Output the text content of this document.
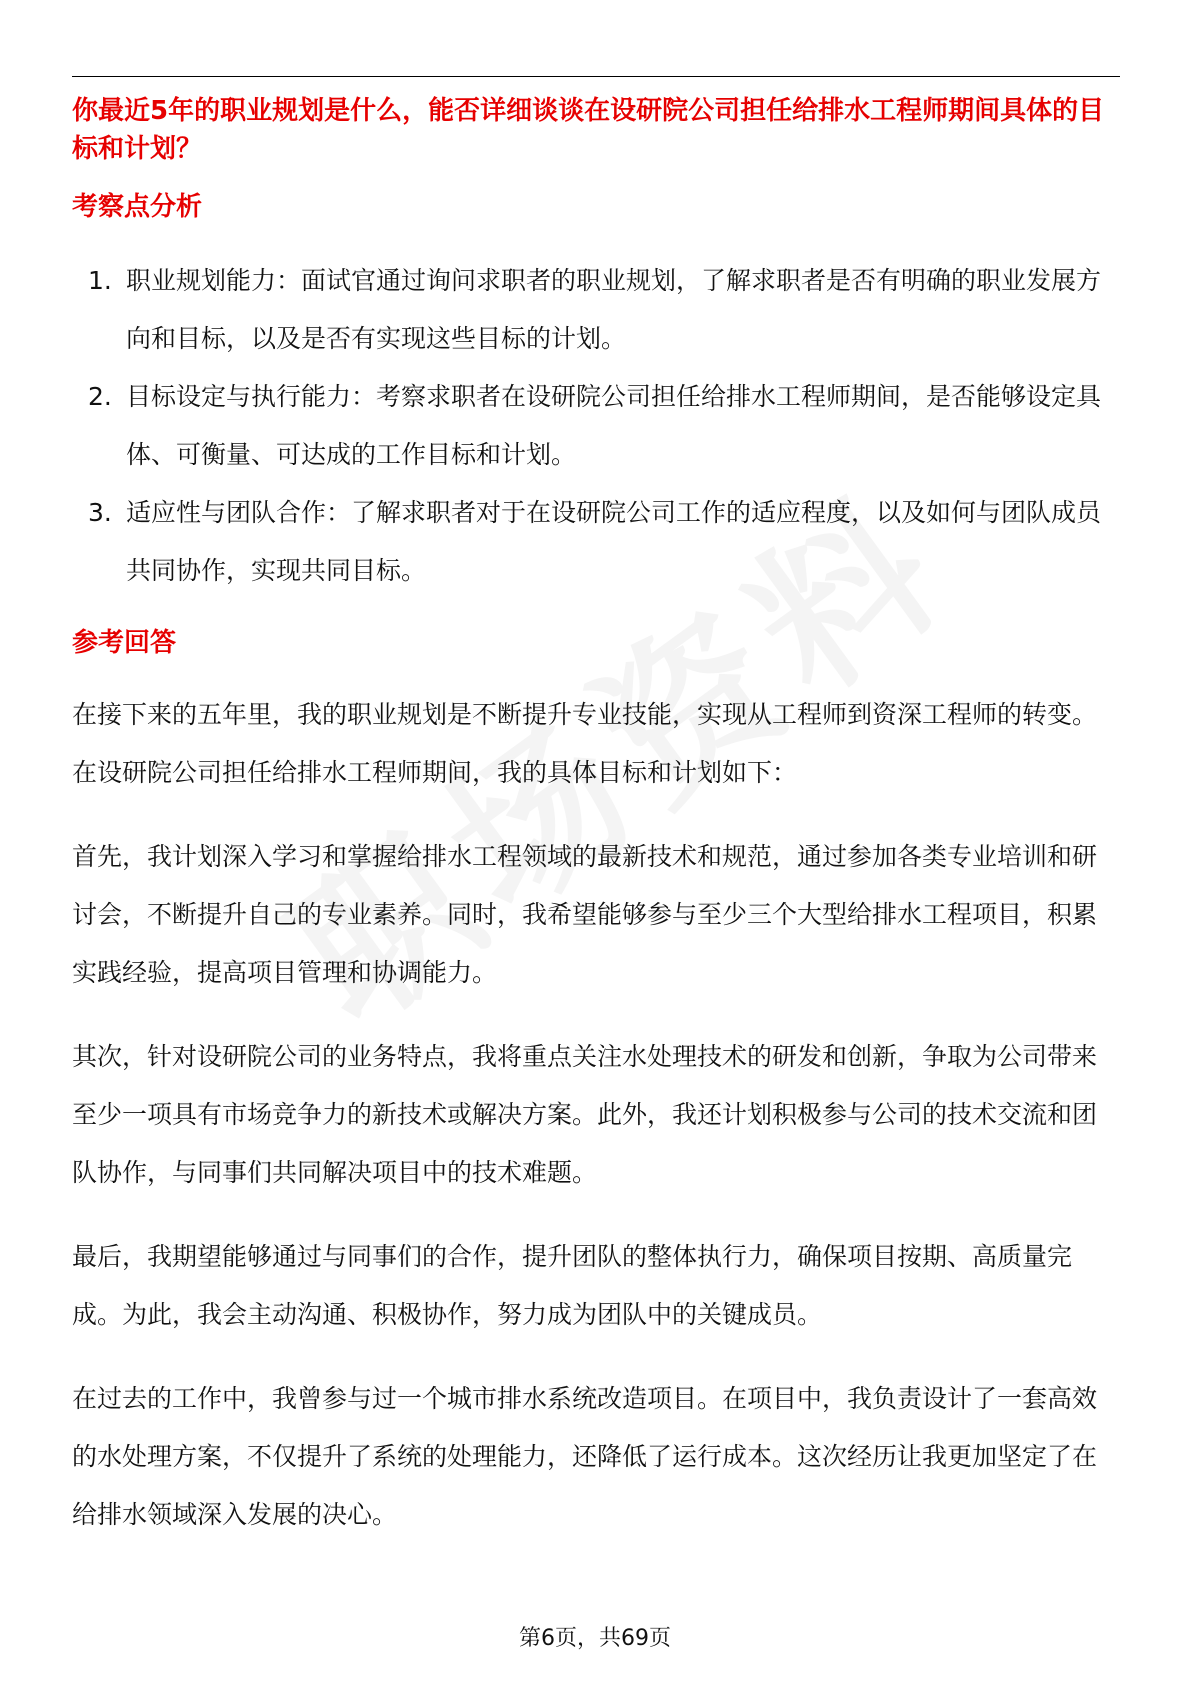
你最近5年的职业规划是什么，能否详细谈谈在设研院公司担任给排水工程师期间具体的目标和计划？
考察点分析
1. 职业规划能力：面试官通过询问求职者的职业规划，了解求职者是否有明确的职业发展方向和目标，以及是否有实现这些目标的计划。
2. 目标设定与执行能力：考察求职者在设研院公司担任给排水工程师期间，是否能够设定具体、可衡量、可达成的工作目标和计划。
3. 适应性与团队合作：了解求职者对于在设研院公司工作的适应程度，以及如何与团队成员共同协作，实现共同目标。
参考回答

在接下来的五年里，我的职业规划是不断提升专业技能，实现从工程师到资深工程师的转变。在设研院公司担任给排水工程师期间，我的具体目标和计划如下：

首先，我计划深入学习和掌握给排水工程领域的最新技术和规范，通过参加各类专业培训和研讨会，不断提升自己的专业素养。同时，我希望能够参与至少三个大型给排水工程项目，积累实践经验，提高项目管理和协调能力。

其次，针对设研院公司的业务特点，我将重点关注水处理技术的研发和创新，争取为公司带来至少一项具有市场竞争力的新技术或解决方案。此外，我还计划积极参与公司的技术交流和团队协作，与同事们共同解决项目中的技术难题。

最后，我期望能够通过与同事们的合作，提升团队的整体执行力，确保项目按期、高质量完成。为此，我会主动沟通、积极协作，努力成为团队中的关键成员。

在过去的工作中，我曾参与过一个城市排水系统改造项目。在项目中，我负责设计了一套高效的水处理方案，不仅提升了系统的处理能力，还降低了运行成本。这次经历让我更加坚定了在给排水领域深入发展的决心。

第6页，共69页
